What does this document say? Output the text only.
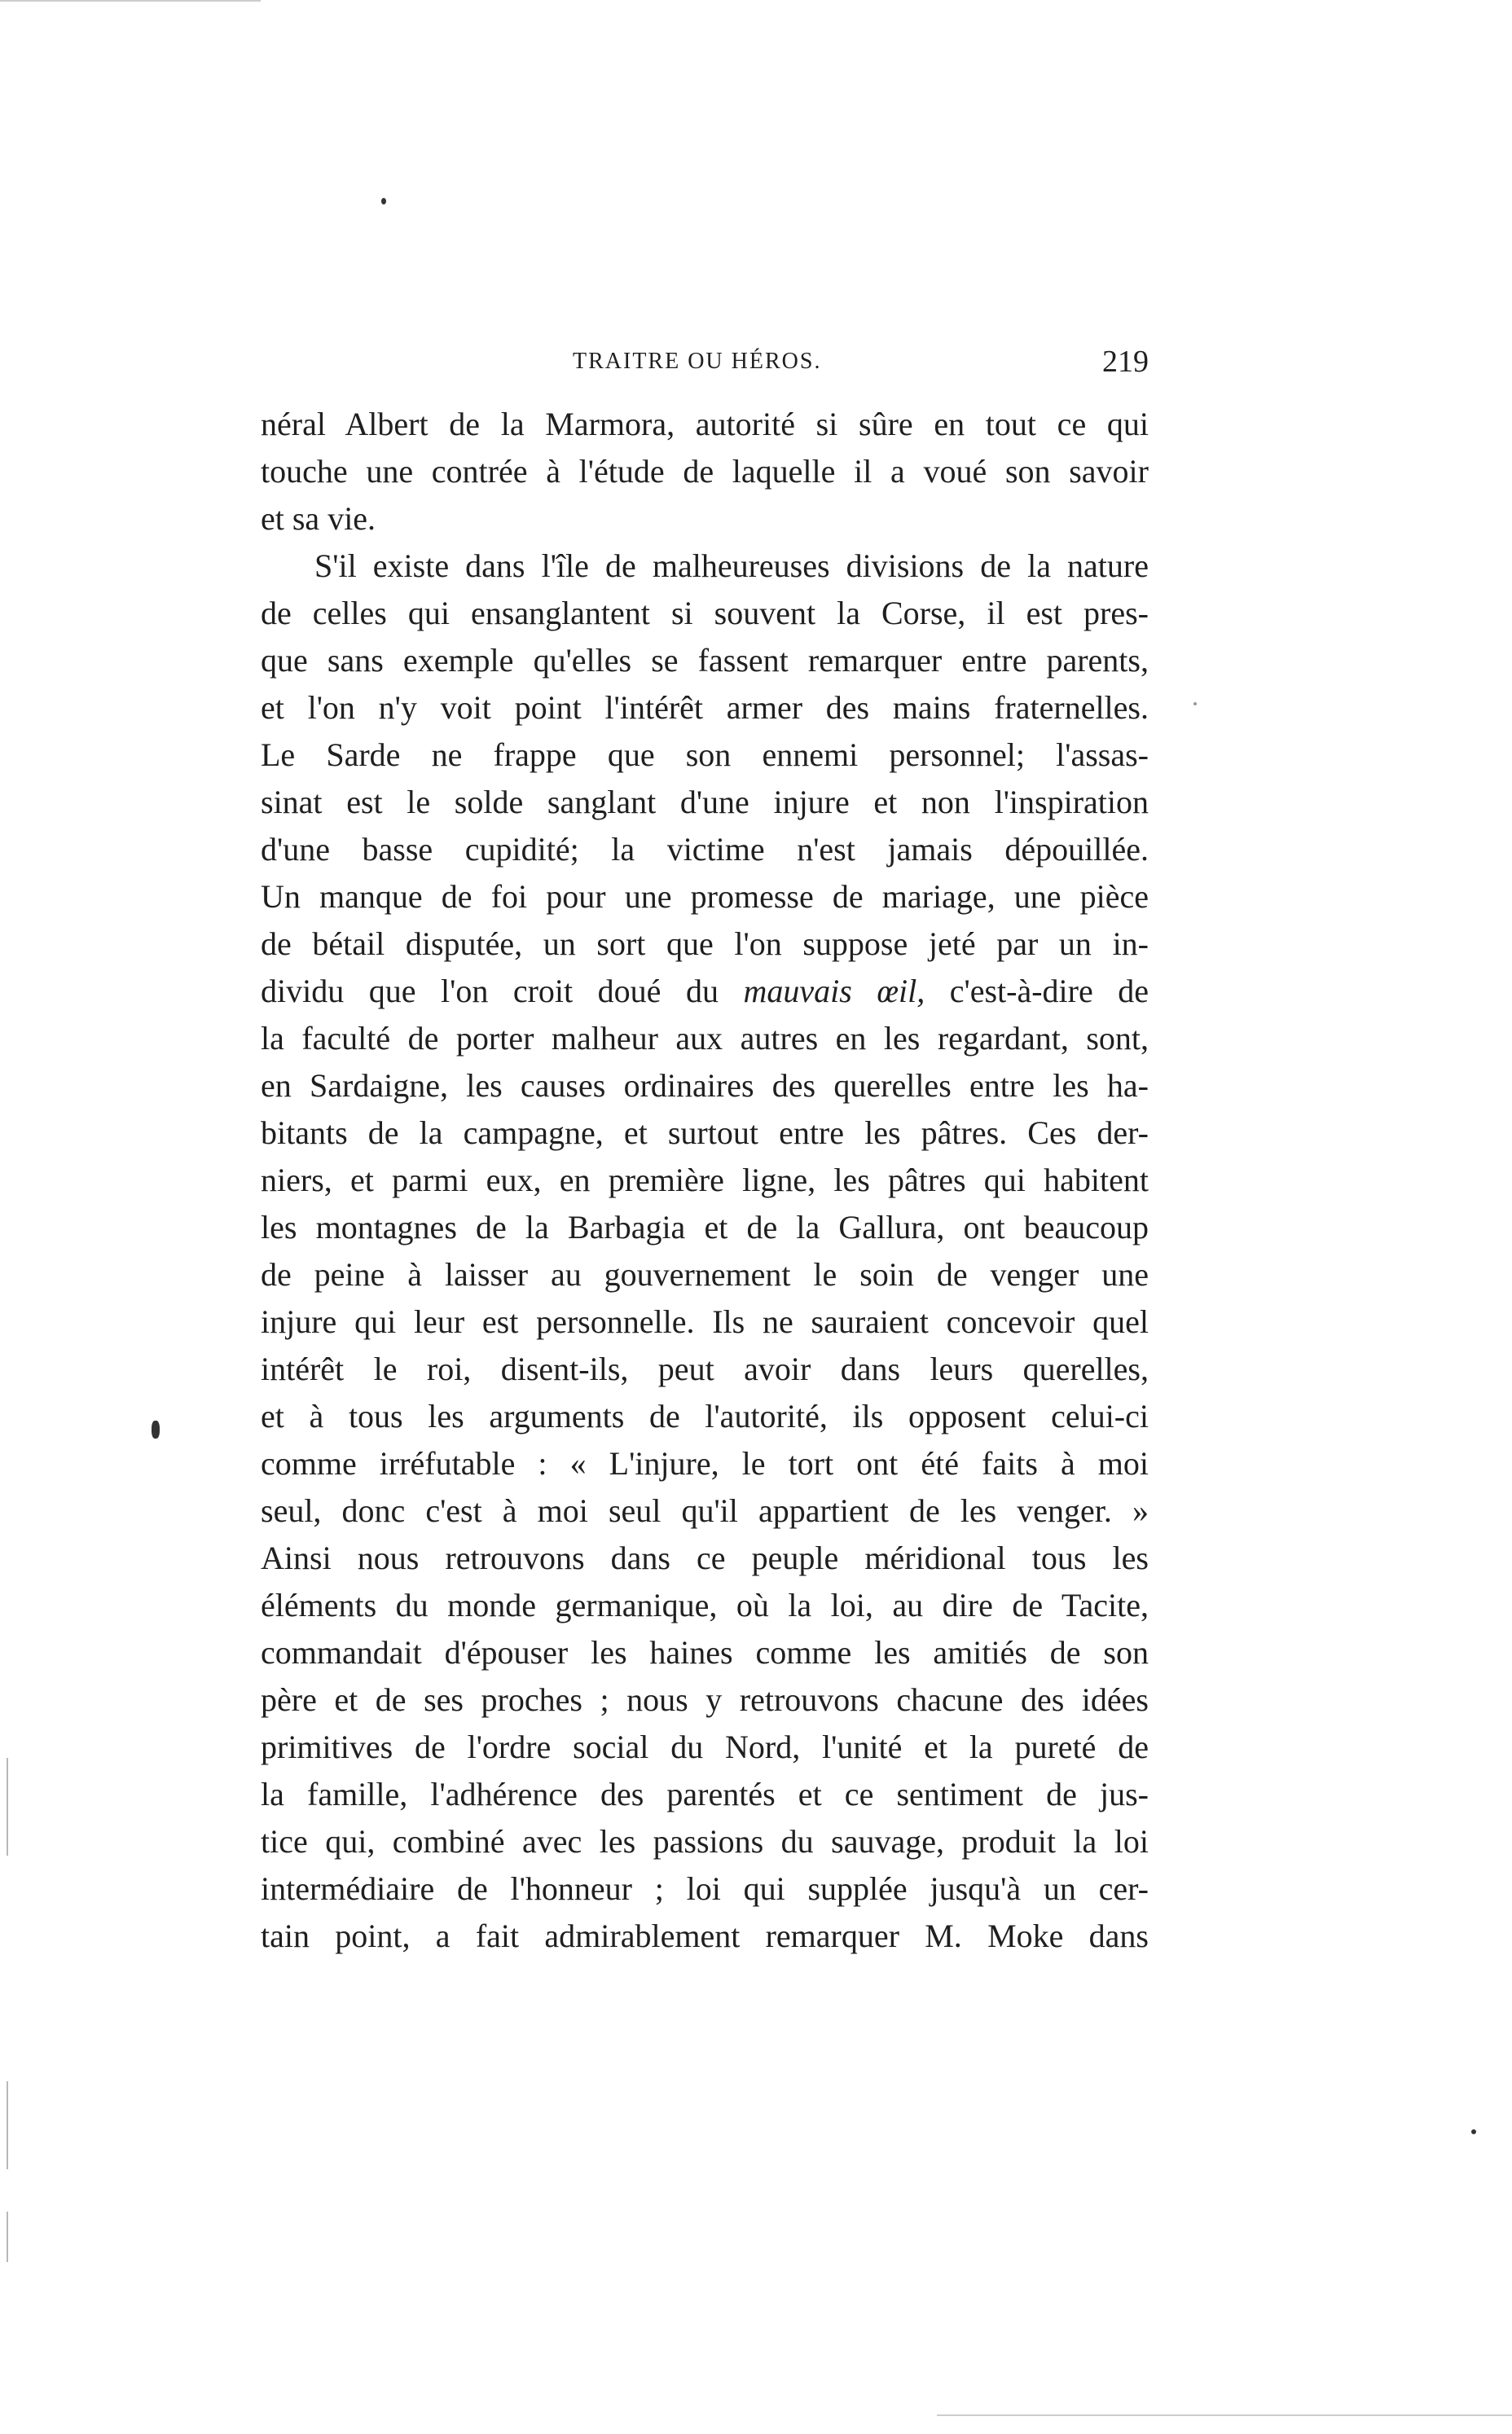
TRAITRE OU HÉROS.	219
néral Albert de la Marmora, autorité si sûre en tout ce qui
touche une contrée à l'étude de laquelle il a voué son savoir
et sa vie.
S'il existe dans l'île de malheureuses divisions de la nature
de celles qui ensanglantent si souvent la Corse, il est pres-
que sans exemple qu'elles se fassent remarquer entre parents,
et l'on n'y voit point l'intérêt armer des mains fraternelles.
Le Sarde ne frappe que son ennemi personnel; l'assas-
sinat est le solde sanglant d'une injure et non l'inspiration
d'une basse cupidité; la victime n'est jamais dépouillée.
Un manque de foi pour une promesse de mariage, une pièce
de bétail disputée, un sort que l'on suppose jeté par un in-
dividu que l'on croit doué du mauvais œil, c'est-à-dire de
la faculté de porter malheur aux autres en les regardant, sont,
en Sardaigne, les causes ordinaires des querelles entre les ha-
bitants de la campagne, et surtout entre les pâtres. Ces der-
niers, et parmi eux, en première ligne, les pâtres qui habitent
les montagnes de la Barbagia et de la Gallura, ont beaucoup
de peine à laisser au gouvernement le soin de venger une
injure qui leur est personnelle. Ils ne sauraient concevoir quel
intérêt le roi, disent-ils, peut avoir dans leurs querelles,
et à tous les arguments de l'autorité, ils opposent celui-ci
comme irréfutable : « L'injure, le tort ont été faits à moi
seul, donc c'est à moi seul qu'il appartient de les venger. »
Ainsi nous retrouvons dans ce peuple méridional tous les
éléments du monde germanique, où la loi, au dire de Tacite,
commandait d'épouser les haines comme les amitiés de son
père et de ses proches ; nous y retrouvons chacune des idées
primitives de l'ordre social du Nord, l'unité et la pureté de
la famille, l'adhérence des parentés et ce sentiment de jus-
tice qui, combiné avec les passions du sauvage, produit la loi
intermédiaire de l'honneur ; loi qui supplée jusqu'à un cer-
tain point, a fait admirablement remarquer M. Moke dans
